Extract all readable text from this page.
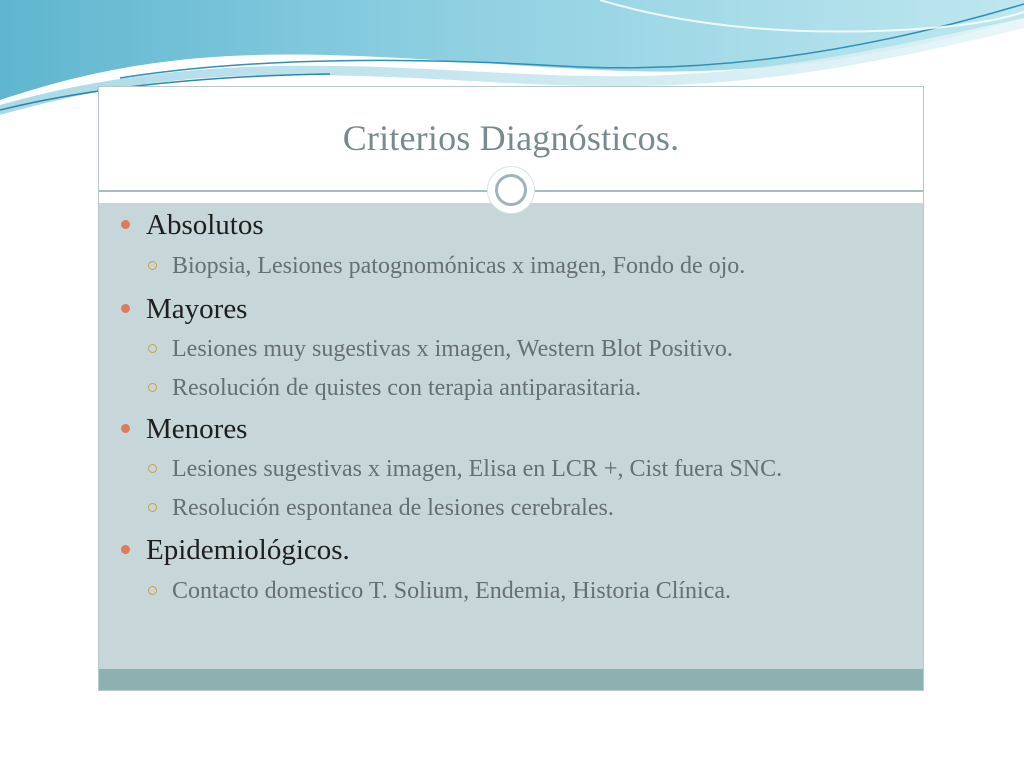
Criterios Diagnósticos.
Absolutos
Biopsia, Lesiones patognomónicas x imagen, Fondo de ojo.
Mayores
Lesiones muy sugestivas x imagen, Western Blot Positivo.
Resolución de quistes con terapia antiparasitaria.
Menores
Lesiones sugestivas x imagen, Elisa en LCR +, Cist fuera SNC.
Resolución espontanea de lesiones cerebrales.
Epidemiológicos.
Contacto domestico T. Solium, Endemia, Historia Clínica.
